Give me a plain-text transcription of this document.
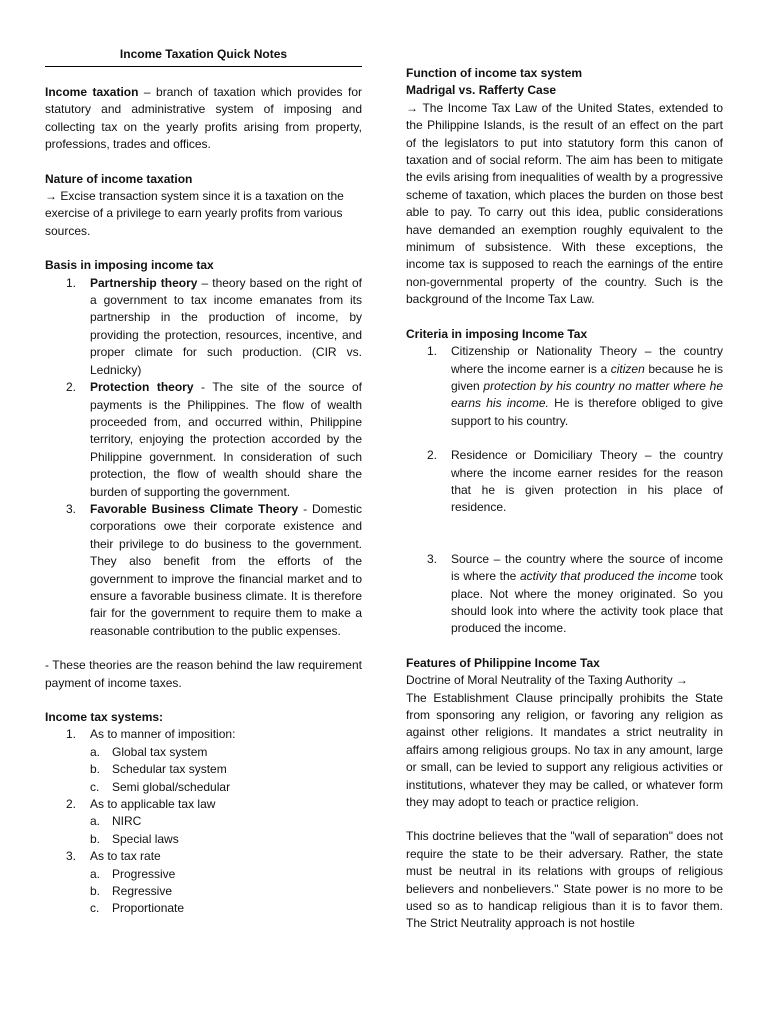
Income Taxation Quick Notes

Income taxation – branch of taxation which provides for statutory and administrative system of imposing and collecting tax on the yearly profits arising from property, professions, trades and offices.

Nature of income taxation

→ Excise transaction system since it is a taxation on the exercise of a privilege to earn yearly profits from various sources.

Basis in imposing income tax

1. Partnership theory – theory based on the right of a government to tax income emanates from its partnership in the production of income, by providing the protection, resources, incentive, and proper climate for such production. (CIR vs. Lednicky)
2. Protection theory - The site of the source of payments is the Philippines. The flow of wealth proceeded from, and occurred within, Philippine territory, enjoying the protection accorded by the Philippine government. In consideration of such protection, the flow of wealth should share the burden of supporting the government.
3. Favorable Business Climate Theory - Domestic corporations owe their corporate existence and their privilege to do business to the government. They also benefit from the efforts of the government to improve the financial market and to ensure a favorable business climate. It is therefore fair for the government to require them to make a reasonable contribution to the public expenses.

- These theories are the reason behind the law requirement payment of income taxes.

Income tax systems:

1. As to manner of imposition:
a. Global tax system
b. Schedular tax system
c. Semi global/schedular
2. As to applicable tax law
a. NIRC
b. Special laws
3. As to tax rate
a. Progressive
b. Regressive
c. Proportionate

Function of income tax system

Madrigal vs. Rafferty Case

→ The Income Tax Law of the United States, extended to the Philippine Islands, is the result of an effect on the part of the legislators to put into statutory form this canon of taxation and of social reform. The aim has been to mitigate the evils arising from inequalities of wealth by a progressive scheme of taxation, which places the burden on those best able to pay. To carry out this idea, public considerations have demanded an exemption roughly equivalent to the minimum of subsistence. With these exceptions, the income tax is supposed to reach the earnings of the entire non-governmental property of the country. Such is the background of the Income Tax Law.

Criteria in imposing Income Tax

1. Citizenship or Nationality Theory – the country where the income earner is a citizen because he is given protection by his country no matter where he earns his income. He is therefore obliged to give support to his country.
2. Residence or Domiciliary Theory – the country where the income earner resides for the reason that he is given protection in his place of residence.
3. Source – the country where the source of income is where the activity that produced the income took place. Not where the money originated. So you should look into where the activity took place that produced the income.

Features of Philippine Income Tax

Doctrine of Moral Neutrality of the Taxing Authority →

The Establishment Clause principally prohibits the State from sponsoring any religion, or favoring any religion as against other religions. It mandates a strict neutrality in affairs among religious groups. No tax in any amount, large or small, can be levied to support any religious activities or institutions, whatever they may be called, or whatever form they may adopt to teach or practice religion.

This doctrine believes that the "wall of separation" does not require the state to be their adversary. Rather, the state must be neutral in its relations with groups of religious believers and nonbelievers." State power is no more to be used so as to handicap religious than it is to favor them. The Strict Neutrality approach is not hostile
